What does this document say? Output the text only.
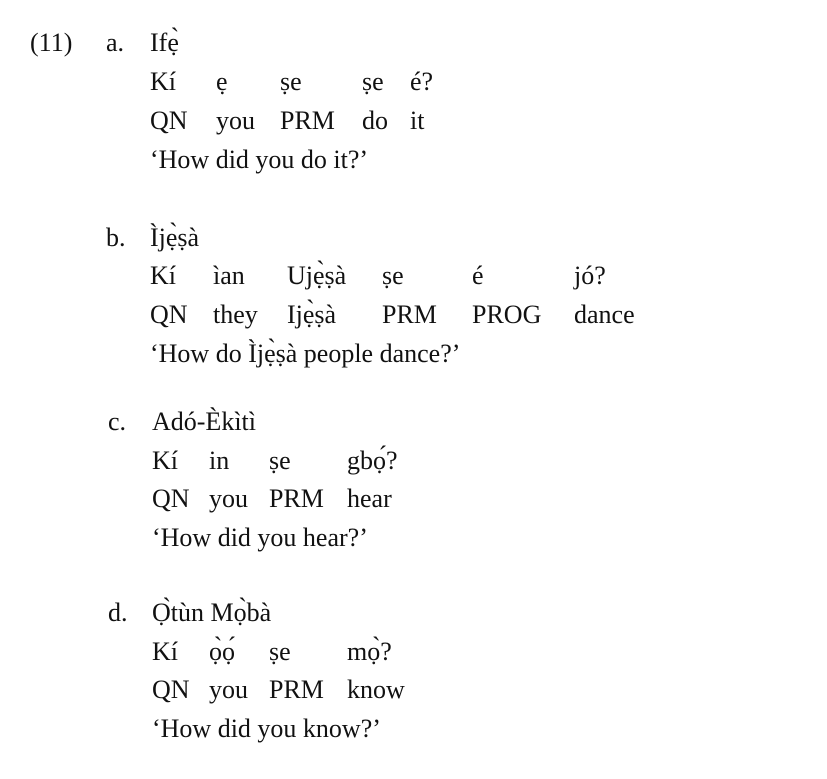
(11) a. Ifẹ̀
Kí ẹ ṣe ṣe é?
QN you PRM do it
‘How did you do it?’
b. Ìjẹ̀ṣà
Kí ìan Ujẹ̀ṣà ṣe	é	jó?
QN they Ijẹ̀ṣà PRM PROG dance
‘How do Ìjẹ̀ṣà people dance?’
c. Adó-Èkìtì
Kí in ṣe gbọ́?
QN you PRM hear
‘How did you hear?’
d. Ọ̀tùn Mọ̀bà
Kí ọ̀ọ́ ṣe mọ̀?
QN you PRM know
‘How did you know?’
